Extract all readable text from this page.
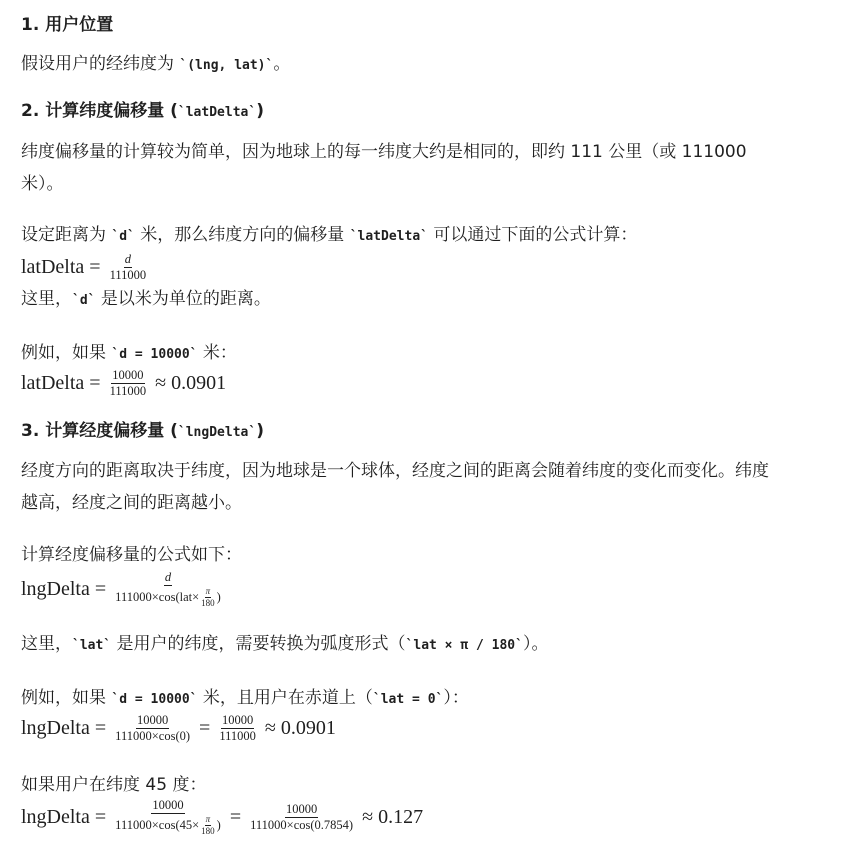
1. 用户位置
假设用户的经纬度为 `(lng, lat)`。
2. 计算纬度偏移量 (`latDelta`)
纬度偏移量的计算较为简单，因为地球上的每一纬度大约是相同的，即约 111 公里（或 111000
米）。
设定距离为 `d` 米，那么纬度方向的偏移量 `latDelta` 可以通过下面的公式计算：
latDelta = $\frac{d}{111000}$
这里，`d` 是以米为单位的距离。
例如，如果 `d = 10000` 米：
latDelta = $\frac{10000}{111000} \approx 0.0901$
3. 计算经度偏移量 (`lngDelta`)
经度方向的距离取决于纬度，因为地球是一个球体，经度之间的距离会随着纬度的变化而变化。纬度
越高，经度之间的距离越小。
计算经度偏移量的公式如下：
lngDelta = $\frac{d}{111000\times\cos(lat\times \frac{\pi}{180} )}$
这里，`lat` 是用户的纬度，需要转换为弧度形式（`lat × π / 180`）。
例如，如果 `d = 10000` 米，且用户在赤道上（`lat = 0`）：
lngDelta = $\frac{10000}{111000\times\cos(0)} = \frac{10000}{111000} \approx 0.0901$
如果用户在纬度 45 度：
lngDelta = $\frac{10000}{111000\times\cos(45\times \frac{\pi}{180} )} = \frac{10000}{111000\times\cos(0.7854)} \approx 0.127$
